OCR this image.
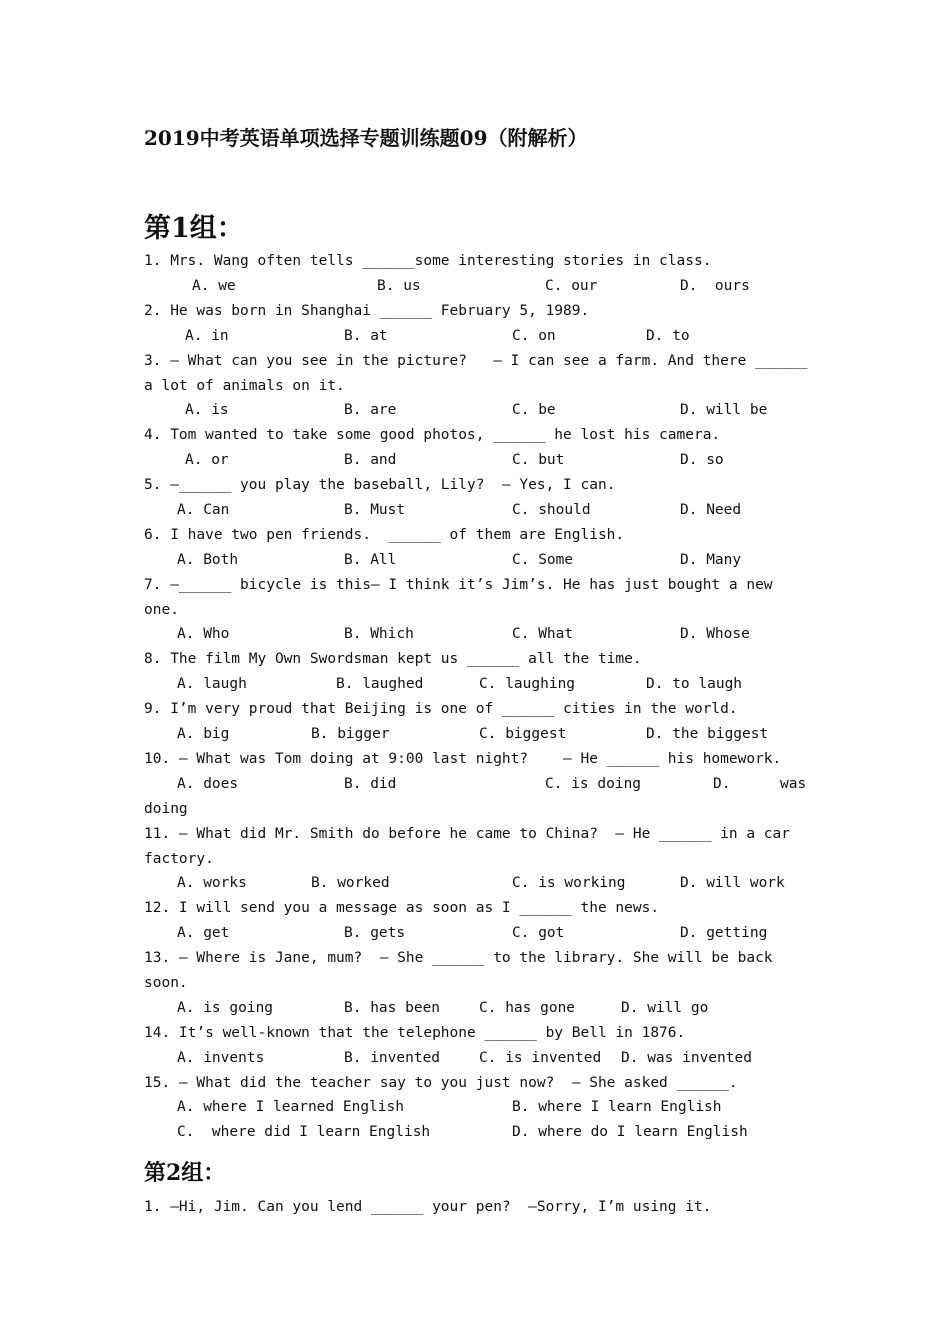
2019中考英语单项选择专题训练题09（附解析）
第1组：
1. Mrs. Wang often tells ______some interesting stories in class.

A. we

	B. us

	C. our

	D.  ours

2. He was born in Shanghai ______ February 5, 1989.

A. in

	B. at

	C. on

	D. to

3. — What can you see in the picture?   — I can see a farm. And there ______
a lot of animals on it.

A. is

	B. are

	C. be

	D. will be

4. Tom wanted to take some good photos, ______ he lost his camera.

A. or

	B. and

	C. but

	D. so

5. —______ you play the baseball, Lily?  — Yes, I can.

A. Can

	B. Must

	C. should

	D. Need

6. I have two pen friends.  ______ of them are English.

A. Both

	B. All

	C. Some

	D. Many

7. —______ bicycle is this— I think it’s Jim’s. He has just bought a new
one.

A. Who

	B. Which

	C. What

	D. Whose

8. The film My Own Swordsman kept us ______ all the time.

A. laugh

	B. laughed

	C. laughing

	D. to laugh

9. I’m very proud that Beijing is one of ______ cities in the world.

A. big

	B. bigger

	C. biggest

	D. the biggest

10. — What was Tom doing at 9:00 last night?    — He ______ his homework.

A. does

	B. did

	C. is doing

	D.

	was

doing
11. — What did Mr. Smith do before he came to China?  — He ______ in a car
factory.

A. works

	B. worked

	C. is working

	D. will work

12. I will send you a message as soon as I ______ the news.

A. get

	B. gets

	C. got

	D. getting

13. — Where is Jane, mum?  — She ______ to the library. She will be back
soon.

A. is going

	B. has been

	C. has gone

	D. will go

14. It’s well-known that the telephone ______ by Bell in 1876.

A. invents

	B. invented

	C. is invented

D. was invented

15. — What did the teacher say to you just now?  — She asked ______.

A. where I learned English

	B. where I learn English

C.  where did I learn English

	D. where do I learn English

第2组：
1. —Hi, Jim. Can you lend ______ your pen?  —Sorry, I’m using it.
